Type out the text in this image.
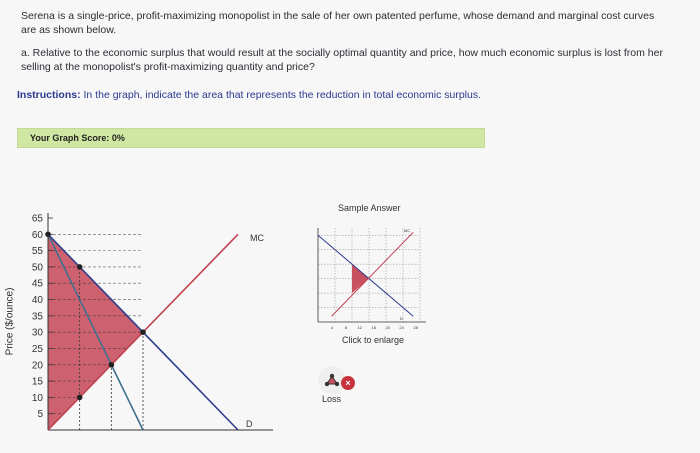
Serena is a single-price, profit-maximizing monopolist in the sale of her own patented perfume, whose demand and marginal cost curves are as shown below.
a. Relative to the economic surplus that would result at the socially optimal quantity and price, how much economic surplus is lost from her selling at the monopolist's profit-maximizing quantity and price?
Instructions: In the graph, indicate the area that represents the reduction in total economic surplus.
Your Graph Score: 0%
Price ($/ounce)
5
10
15
20
25
30
35
40
45
50
55
60
65
MC
D
Sample Answer
MC
D
4	8	12 16 20 24 28
Click to enlarge
×
Loss
